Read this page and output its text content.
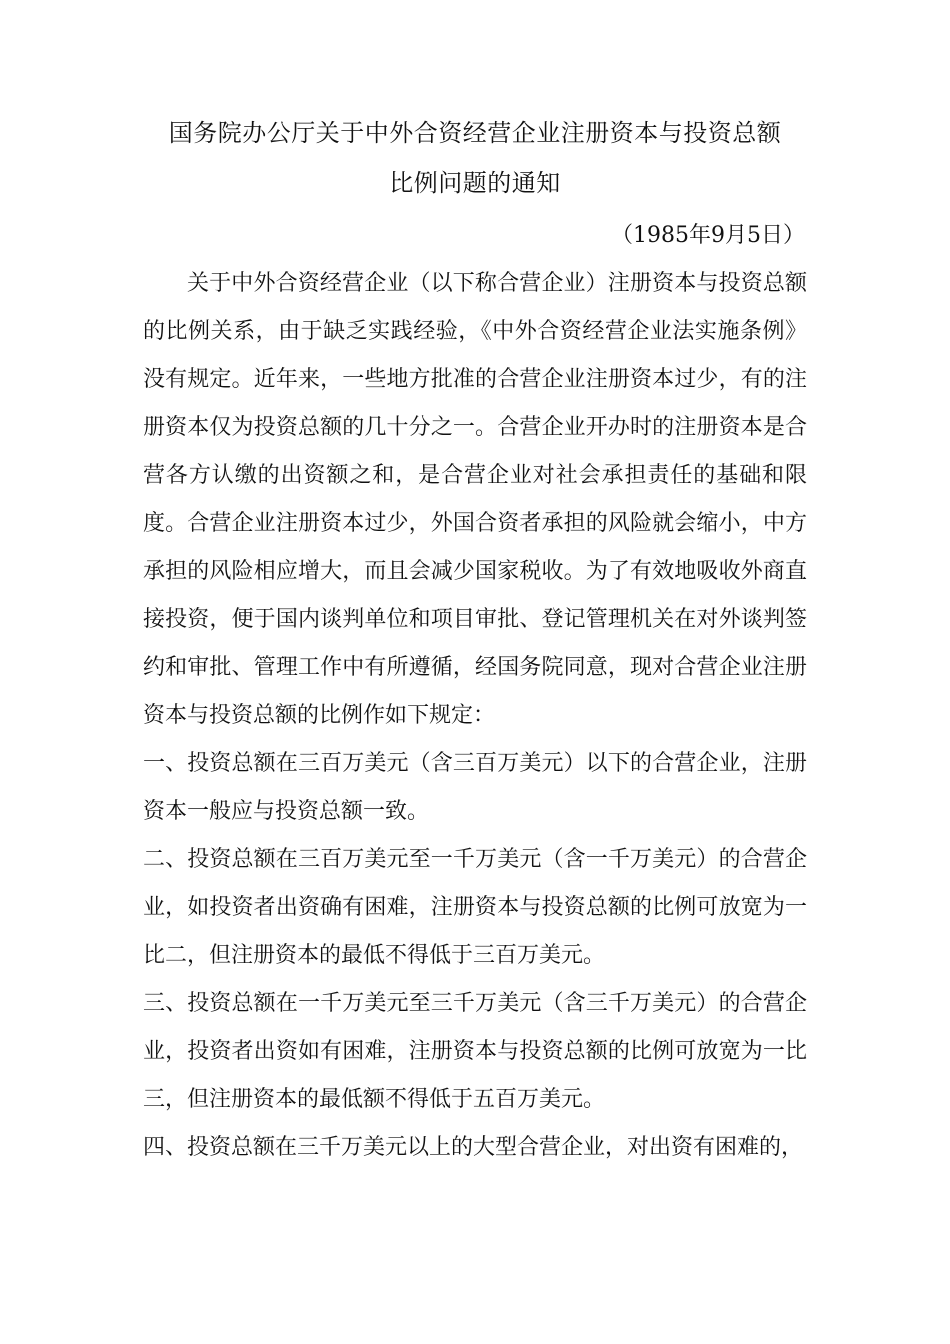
国务院办公厅关于中外合资经营企业注册资本与投资总额
比例问题的通知

（1985年9月5日）

关于中外合资经营企业（以下称合营企业）注册资本与投资总额的比例关系，由于缺乏实践经验，《中外合资经营企业法实施条例》没有规定。近年来，一些地方批准的合营企业注册资本过少，有的注册资本仅为投资总额的几十分之一。合营企业开办时的注册资本是合营各方认缴的出资额之和，是合营企业对社会承担责任的基础和限度。合营企业注册资本过少，外国合资者承担的风险就会缩小，中方承担的风险相应增大，而且会减少国家税收。为了有效地吸收外商直接投资，便于国内谈判单位和项目审批、登记管理机关在对外谈判签约和审批、管理工作中有所遵循，经国务院同意，现对合营企业注册资本与投资总额的比例作如下规定：

一、投资总额在三百万美元（含三百万美元）以下的合营企业，注册资本一般应与投资总额一致。

二、投资总额在三百万美元至一千万美元（含一千万美元）的合营企业，如投资者出资确有困难，注册资本与投资总额的比例可放宽为一比二，但注册资本的最低不得低于三百万美元。

三、投资总额在一千万美元至三千万美元（含三千万美元）的合营企业，投资者出资如有困难，注册资本与投资总额的比例可放宽为一比三，但注册资本的最低额不得低于五百万美元。

四、投资总额在三千万美元以上的大型合营企业，对出资有困难的，
